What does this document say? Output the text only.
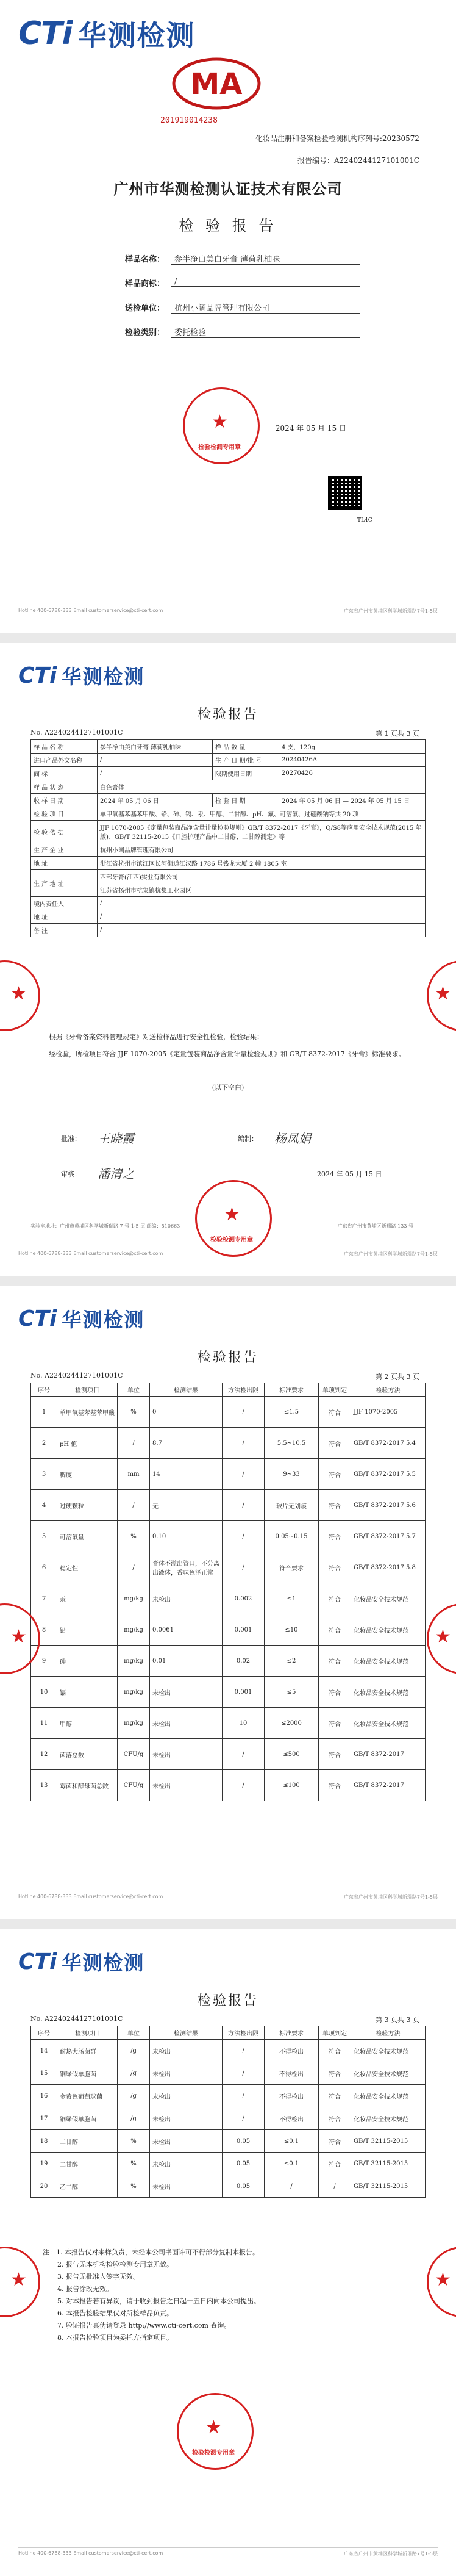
CTi 华测检测
MA
201919014238
化妆品注册和备案检验检测机构序列号:20230572
报告编号：A2240244127101001C
广州市华测检测认证技术有限公司
检 验 报 告
样品名称：	参半净由美白牙膏 薄荷乳柚味
样品商标：	/
送检单位：	杭州小阔品牌管理有限公司
检验类别：	委托检验
★
检验检测专用章
2024 年 05 月 15 日
TL4C
Hotline 400-6788-333 Email customerservice@cti-cert.com	广东省广州市黄埔区科学城新瑞路7号1-5层
CTi 华测检测
检验报告
No. A2240244127101001C	第 1 页共 3 页
样 品 名 称	参半净由美白牙膏 薄荷乳柚味	样 品 数 量	4 支，120g
进口产品外文名称	/	生 产 日 期/批 号	20240426A
商 标	/	限期使用日期	20270426
样 品 状 态	白色膏体		
收 样 日 期	2024 年 05 月 06 日	检 验 日 期	2024 年 05 月 06 日 — 2024 年 05 月 15 日
检 验 项 目	单甲氧基苯基苯甲酸、铅、砷、镉、汞、甲醇、二甘醇、pH、氟、可溶氟、过硼酸钠等共 20 项		
检 验 依 据	JJF 1070-2005《定量包装商品净含量计量检验规则》GB/T 8372-2017《牙膏》，Q/S8等应用安全技术规范(2015 年版)、GB/T 32115-2015《口腔护理产品中二甘醇、二甘醇测定》等		
生 产 企 业	杭州小阔品牌管理有限公司		
地 址	浙江省杭州市滨江区长河街道江汉路 1786 号钱龙大厦 2 幢 1805 室		
生 产 地 址	西部牙膏(江西)实业有限公司		
	江苏省扬州市杭集镇杭集工业园区		
境内责任人	/		
地 址	/		
备 注	/		
根据《牙膏备案资料管理规定》对送检样品进行安全性检验，检验结果：
经检验，所检项目符合 JJF 1070-2005《定量包装商品净含量计量检验规则》和 GB/T 8372-2017《牙膏》标准要求。
(以下空白)
批准： 王晓霞
审核： 潘清之
编制： 杨凤娟
2024 年 05 月 15 日
★
检验检测专用章
★	★
实验室地址：广州市黄埔区科学城新瑞路 7 号 1-5 层 邮编：510663	广东省广州市黄埔区新瑞路 133 号
Hotline 400-6788-333 Email customerservice@cti-cert.com	广东省广州市黄埔区科学城新瑞路7号1-5层
CTi 华测检测
检验报告
No. A2240244127101001C	第 2 页共 3 页
序号	检测项目	单位	检测结果	方法检出限	标准要求	单项判定	检验方法
1	单甲氧基苯基苯甲酸	%	0	/	≤1.5	符合	JJF 1070-2005
2	pH 值	/	8.7	/	5.5~10.5	符合	GB/T 8372-2017 5.4
3	稠度	mm	14	/	9~33	符合	GB/T 8372-2017 5.5
4	过硬颗粒	/	无	/	玻片无划痕	符合	GB/T 8372-2017 5.6
5	可溶氟量	%	0.10	/	0.05~0.15	符合	GB/T 8372-2017 5.7
6	稳定性	/	膏体不溢出管口，不分离出液体，香味色泽正常	/	符合要求	符合	GB/T 8372-2017 5.8
7	汞	mg/kg	未检出	0.002	≤1	符合	化妆品安全技术规范
8	铅	mg/kg	0.0061	0.001	≤10	符合	化妆品安全技术规范
9	砷	mg/kg	0.01	0.02	≤2	符合	化妆品安全技术规范
10	镉	mg/kg	未检出	0.001	≤5	符合	化妆品安全技术规范
11	甲醇	mg/kg	未检出	10	≤2000	符合	化妆品安全技术规范
12	菌落总数	CFU/g	未检出	/	≤500	符合	GB/T 8372-2017
13	霉菌和酵母菌总数	CFU/g	未检出	/	≤100	符合	GB/T 8372-2017
★	★
Hotline 400-6788-333 Email customerservice@cti-cert.com	广东省广州市黄埔区科学城新瑞路7号1-5层
CTi 华测检测
检验报告
No. A2240244127101001C	第 3 页共 3 页
序号	检测项目	单位	检测结果	方法检出限	标准要求	单项判定	检验方法
14	耐热大肠菌群	/g	未检出	/	不得检出	符合	化妆品安全技术规范
15	铜绿假单胞菌	/g	未检出	/	不得检出	符合	化妆品安全技术规范
16	金黄色葡萄球菌	/g	未检出	/	不得检出	符合	化妆品安全技术规范
17	铜绿假单胞菌	/g	未检出	/	不得检出	符合	化妆品安全技术规范
18	二甘醇	%	未检出	0.05	≤0.1	符合	GB/T 32115-2015
19	二甘醇	%	未检出	0.05	≤0.1	符合	GB/T 32115-2015
20	乙二醇	%	未检出	0.05	/	/	GB/T 32115-2015
注：1. 本报告仅对来样负责，未经本公司书面许可不得部分复制本报告。
2. 报告无本机构检验检测专用章无效。
3. 报告无批准人签字无效。
4. 报告涂改无效。
5. 对本报告若有异议，请于收到报告之日起十五日内向本公司提出。
6. 本报告检验结果仅对所检样品负责。
7. 验证报告真伪请登录 http://www.cti-cert.com 查询。
8. 本报告检验项目为委托方指定项目。
★
检验检测专用章
★	★
Hotline 400-6788-333 Email customerservice@cti-cert.com	广东省广州市黄埔区科学城新瑞路7号1-5层
